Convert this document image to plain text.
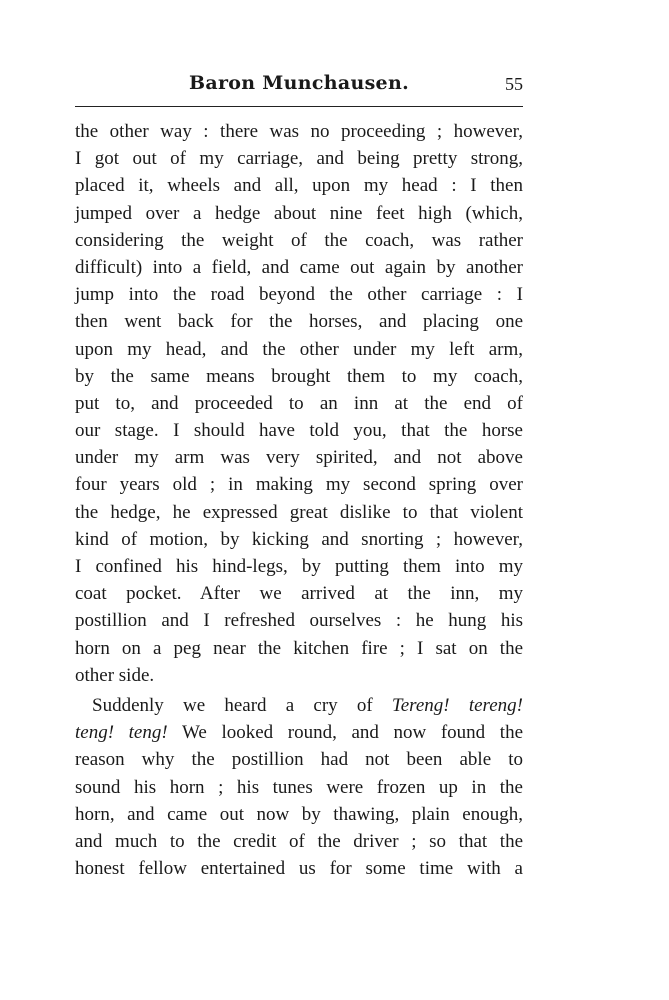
Baron Munchausen.	55
the other way : there was no proceeding ; however,
I got out of my carriage, and being pretty strong,
placed it, wheels and all, upon my head : I then
jumped over a hedge about nine feet high (which,
considering the weight of the coach, was rather
difficult) into a field, and came out again by another
jump into the road beyond the other carriage : I
then went back for the horses, and placing one
upon my head, and the other under my left arm,
by the same means brought them to my coach,
put to, and proceeded to an inn at the end of
our stage. I should have told you, that the horse
under my arm was very spirited, and not above
four years old ; in making my second spring over
the hedge, he expressed great dislike to that violent
kind of motion, by kicking and snorting ; however,
I confined his hind-legs, by putting them into my
coat pocket. After we arrived at the inn, my
postillion and I refreshed ourselves : he hung his
horn on a peg near the kitchen fire ; I sat on the
other side.
Suddenly we heard a cry of Tereng! tereng!
teng! teng! We looked round, and now found the
reason why the postillion had not been able to
sound his horn ; his tunes were frozen up in the
horn, and came out now by thawing, plain enough,
and much to the credit of the driver ; so that the
honest fellow entertained us for some time with a
